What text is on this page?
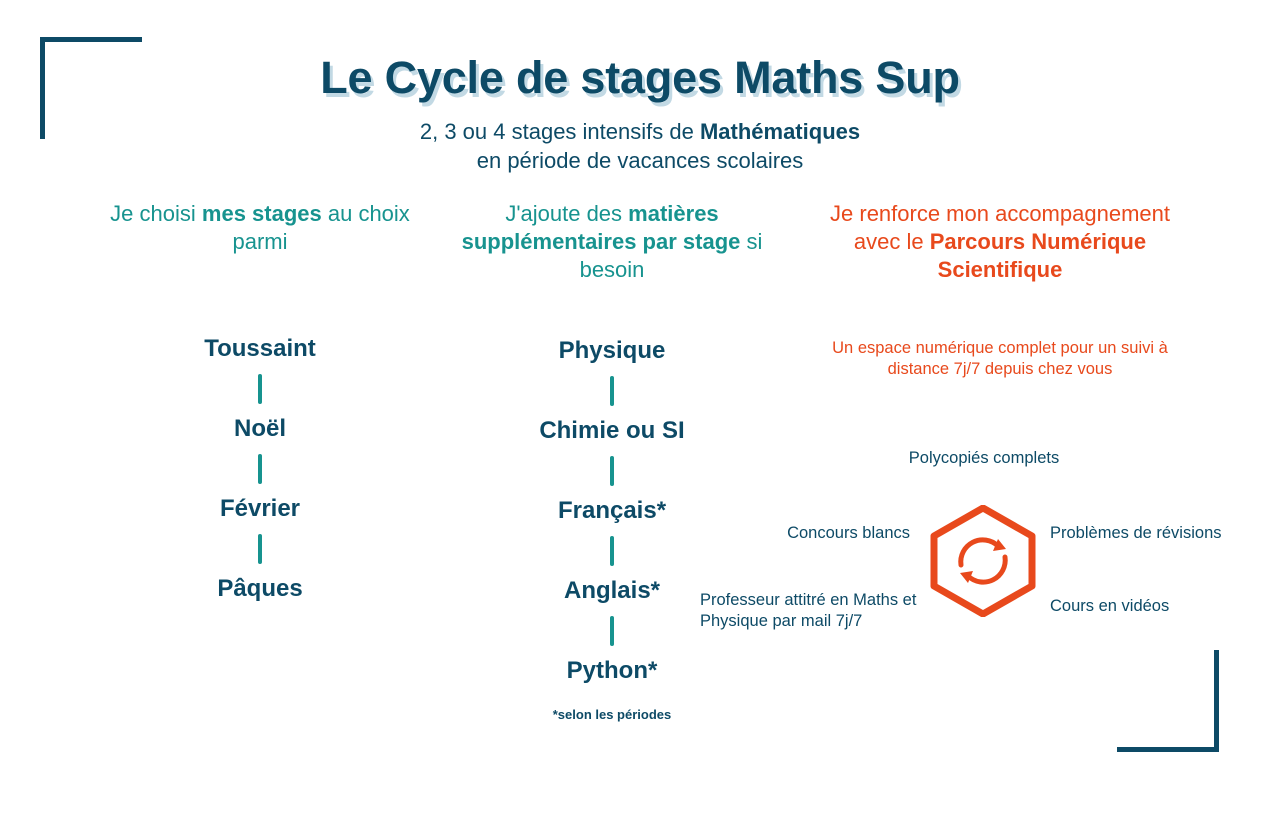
Le Cycle de stages Maths Sup
2, 3 ou 4 stages intensifs de Mathématiques
en période de vacances scolaires
Je choisi mes stages au choix parmi
Toussaint
Noël
Février
Pâques
J'ajoute des matières supplémentaires par stage si besoin
Physique
Chimie ou SI
Français*
Anglais*
Python*
*selon les périodes
Je renforce mon accompagnement avec le Parcours Numérique Scientifique
Un espace numérique complet pour un suivi à distance 7j/7 depuis chez vous
Polycopiés complets
Concours blancs
Professeur attitré en Maths et Physique par mail 7j/7
Problèmes de révisions
Cours en vidéos
